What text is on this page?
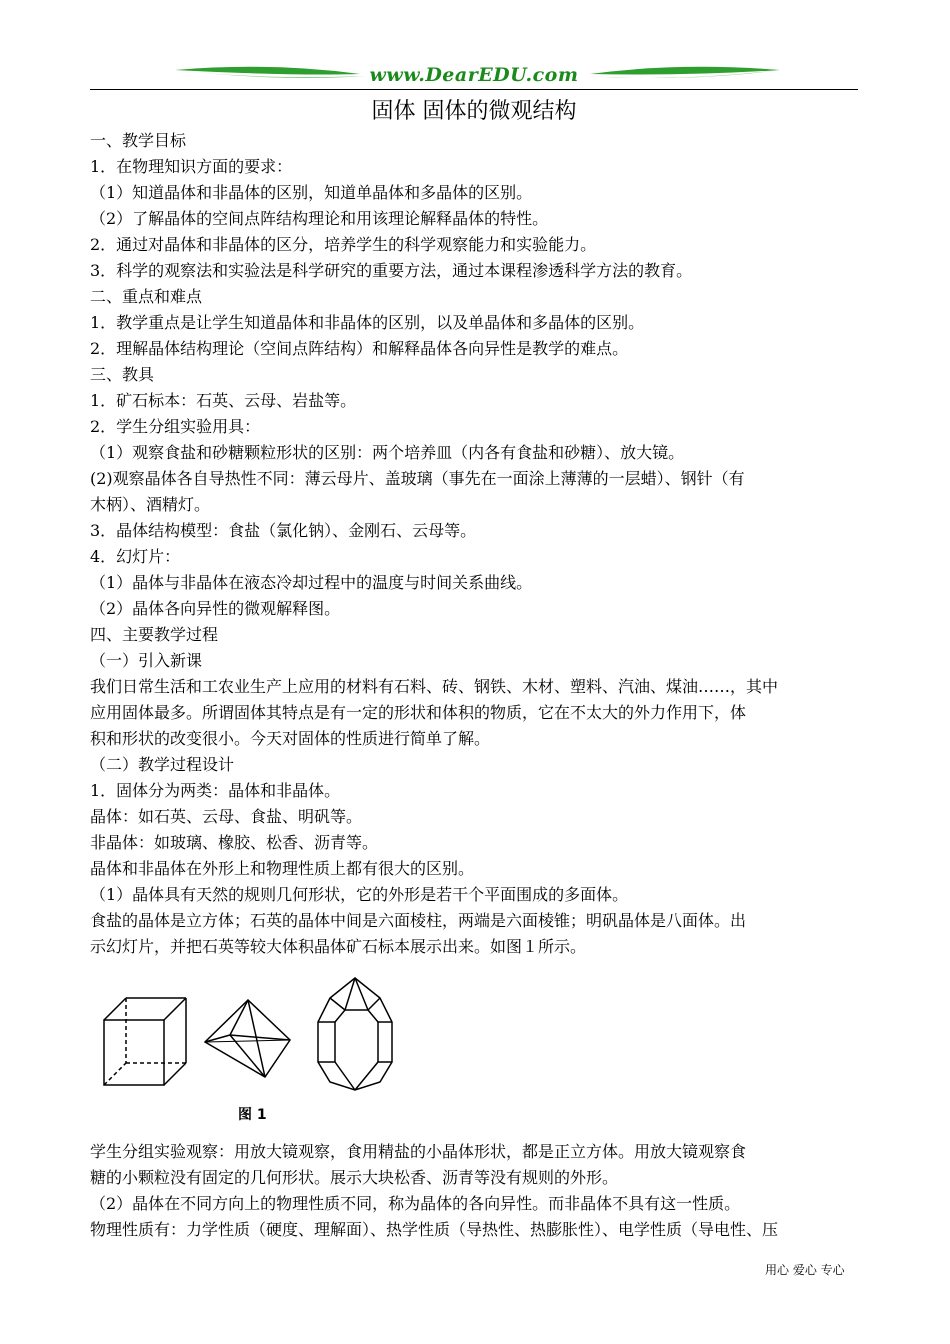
www.DearEDU.com
固体 固体的微观结构
一、教学目标
1．在物理知识方面的要求：
（1）知道晶体和非晶体的区别，知道单晶体和多晶体的区别。
（2）了解晶体的空间点阵结构理论和用该理论解释晶体的特性。
2．通过对晶体和非晶体的区分，培养学生的科学观察能力和实验能力。
3．科学的观察法和实验法是科学研究的重要方法，通过本课程渗透科学方法的教育。
二、重点和难点
1．教学重点是让学生知道晶体和非晶体的区别，以及单晶体和多晶体的区别。
2．理解晶体结构理论（空间点阵结构）和解释晶体各向异性是教学的难点。
三、教具
1．矿石标本：石英、云母、岩盐等。
2．学生分组实验用具：
（1）观察食盐和砂糖颗粒形状的区别：两个培养皿（内各有食盐和砂糖）、放大镜。
(2)观察晶体各自导热性不同：薄云母片、盖玻璃（事先在一面涂上薄薄的一层蜡）、钢针（有
木柄）、酒精灯。
3．晶体结构模型：食盐（氯化钠）、金刚石、云母等。
4．幻灯片：
（1）晶体与非晶体在液态冷却过程中的温度与时间关系曲线。
（2）晶体各向异性的微观解释图。
四、主要教学过程
（一）引入新课
我们日常生活和工农业生产上应用的材料有石料、砖、钢铁、木材、塑料、汽油、煤油……，其中
应用固体最多。所谓固体其特点是有一定的形状和体积的物质，它在不太大的外力作用下，体
积和形状的改变很小。今天对固体的性质进行简单了解。
（二）教学过程设计
1．固体分为两类：晶体和非晶体。
晶体：如石英、云母、食盐、明矾等。
非晶体：如玻璃、橡胶、松香、沥青等。
晶体和非晶体在外形上和物理性质上都有很大的区别。
（1）晶体具有天然的规则几何形状，它的外形是若干个平面围成的多面体。
食盐的晶体是立方体；石英的晶体中间是六面棱柱，两端是六面棱锥；明矾晶体是八面体。出
示幻灯片，并把石英等较大体积晶体矿石标本展示出来。如图１所示。
图 1
学生分组实验观察：用放大镜观察，食用精盐的小晶体形状，都是正立方体。用放大镜观察食
糖的小颗粒没有固定的几何形状。展示大块松香、沥青等没有规则的外形。
（2）晶体在不同方向上的物理性质不同，称为晶体的各向异性。而非晶体不具有这一性质。
物理性质有：力学性质（硬度、理解面）、热学性质（导热性、热膨胀性）、电学性质（导电性、压
用心 爱心 专心
